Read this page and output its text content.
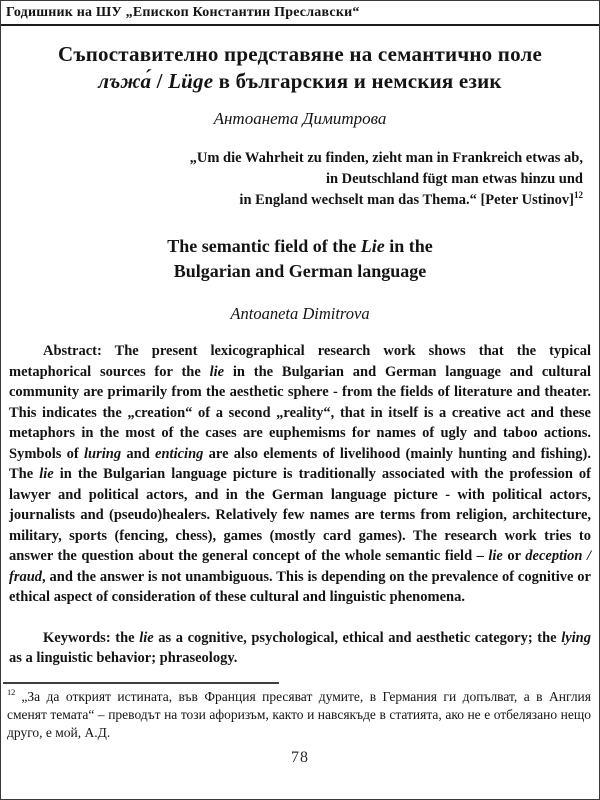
Годишник на ШУ „Епископ Константин Преславски“
Съпоставително представяне на семантично поле
лъжа́ / Lüge в българския и немския език
Антоанета Димитрова
„Um die Wahrheit zu finden, zieht man in Frankreich etwas ab,
in Deutschland fügt man etwas hinzu und
in England wechselt man das Thema.“ [Peter Ustinov]$^{12}$
The semantic field of the Lie in the
Bulgarian and German language
Antoaneta Dimitrova

Abstract: The present lexicographical research work shows that the typical metaphorical sources for the lie in the Bulgarian and German language and cultural community are primarily from the aesthetic sphere - from the fields of literature and theater. This indicates the „creation“ of a second „reality“, that in itself is a creative act and these metaphors in the most of the cases are euphemisms for names of ugly and taboo actions. Symbols of luring and enticing are also elements of livelihood (mainly hunting and fishing). The lie in the Bulgarian language picture is traditionally associated with the profession of lawyer and political actors, and in the German language picture - with political actors, journalists and (pseudo)healers. Relatively few names are terms from religion, architecture, military, sports (fencing, chess), games (mostly card games). The research work tries to answer the question about the general concept of the whole semantic field – lie or deception / fraud, and the answer is not unambiguous. This is depending on the prevalence of cognitive or ethical aspect of consideration of these cultural and linguistic phenomena.

Keywords: the lie as a cognitive, psychological, ethical and aesthetic category; the lying as a linguistic behavior; phraseology.

$^{12}$ „За да открият истината, във Франция пресяват думите, в Германия ги допълват, а в Англия сменят темата“ – преводът на този афоризъм, както и навсякъде в статията, ако не е отбелязано нещо друго, е мой, А.Д.

78
